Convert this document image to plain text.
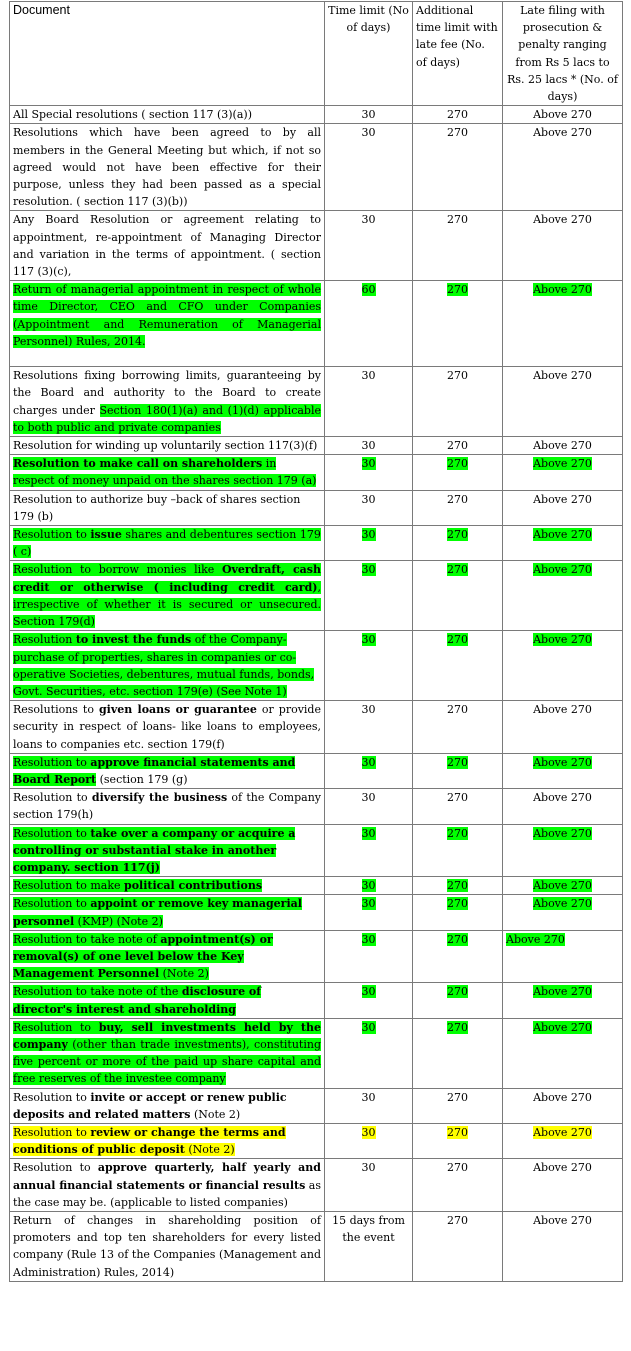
Document	Time limit (No of days)	Additional time limit with late fee (No. of days)	Late filing with prosecution & penalty ranging from Rs 5 lacs to Rs. 25 lacs * (No. of days)
All Special resolutions ( section 117 (3)(a))	30	270	Above 270
Resolutions which have been agreed to by all members in the General Meeting but which, if not so agreed would not have been effective for their purpose, unless they had been passed as a special resolution. ( section 117 (3)(b))	30	270	Above 270
Any Board Resolution or agreement relating to appointment, re-appointment of Managing Director and variation in the terms of appointment. ( section 117 (3)(c),	30	270	Above 270
Return of managerial appointment in respect of whole time Director, CEO and CFO under Companies (Appointment and Remuneration of Managerial Personnel) Rules, 2014.	60	270	Above 270
Resolutions fixing borrowing limits, guaranteeing by the Board and authority to the Board to create charges under Section 180(1)(a) and (1)(d) applicable to both public and private companies	30	270	Above 270
Resolution for winding up voluntarily section 117(3)(f)	30	270	Above 270
Resolution to make call on shareholders in respect of money unpaid on the shares section 179 (a)	30	270	Above 270
Resolution to authorize buy –back of shares section 179 (b)	30	270	Above 270
Resolution to issue shares and debentures section 179 ( c)	30	270	Above 270
Resolution to borrow monies like Overdraft, cash credit or otherwise ( including credit card), irrespective of whether it is secured or unsecured. Section 179(d)	30	270	Above 270
Resolution to invest the funds of the Company- purchase of properties, shares in companies or co-operative Societies, debentures, mutual funds, bonds, Govt. Securities, etc. section 179(e) (See Note 1)	30	270	Above 270
Resolutions to given loans or guarantee or provide security in respect of loans- like loans to employees, loans to companies etc. section 179(f)	30	270	Above 270
Resolution to approve financial statements and Board Report (section 179 (g)	30	270	Above 270
Resolution to diversify the business of the Company section 179(h)	30	270	Above 270
Resolution to take over a company or acquire a controlling or substantial stake in another company. section 117(j)	30	270	Above 270
Resolution to make political contributions	30	270	Above 270
Resolution to appoint or remove key managerial personnel (KMP) (Note 2)	30	270	Above 270
Resolution to take note of appointment(s) or removal(s) of one level below the Key Management Personnel (Note 2)	30	270	Above 270
Resolution to take note of the disclosure of director's interest and shareholding	30	270	Above 270
Resolution to buy, sell investments held by the company (other than trade investments), constituting five percent or more of the paid up share capital and free reserves of the investee company	30	270	Above 270
Resolution to invite or accept or renew public deposits and related matters (Note 2)	30	270	Above 270
Resolution to review or change the terms and conditions of public deposit (Note 2)	30	270	Above 270
Resolution to approve quarterly, half yearly and annual financial statements or financial results as the case may be. (applicable to listed companies)	30	270	Above 270
Return of changes in shareholding position of promoters and top ten shareholders for every listed company (Rule 13 of the Companies (Management and Administration) Rules, 2014)	15 days from the event	270	Above 270
